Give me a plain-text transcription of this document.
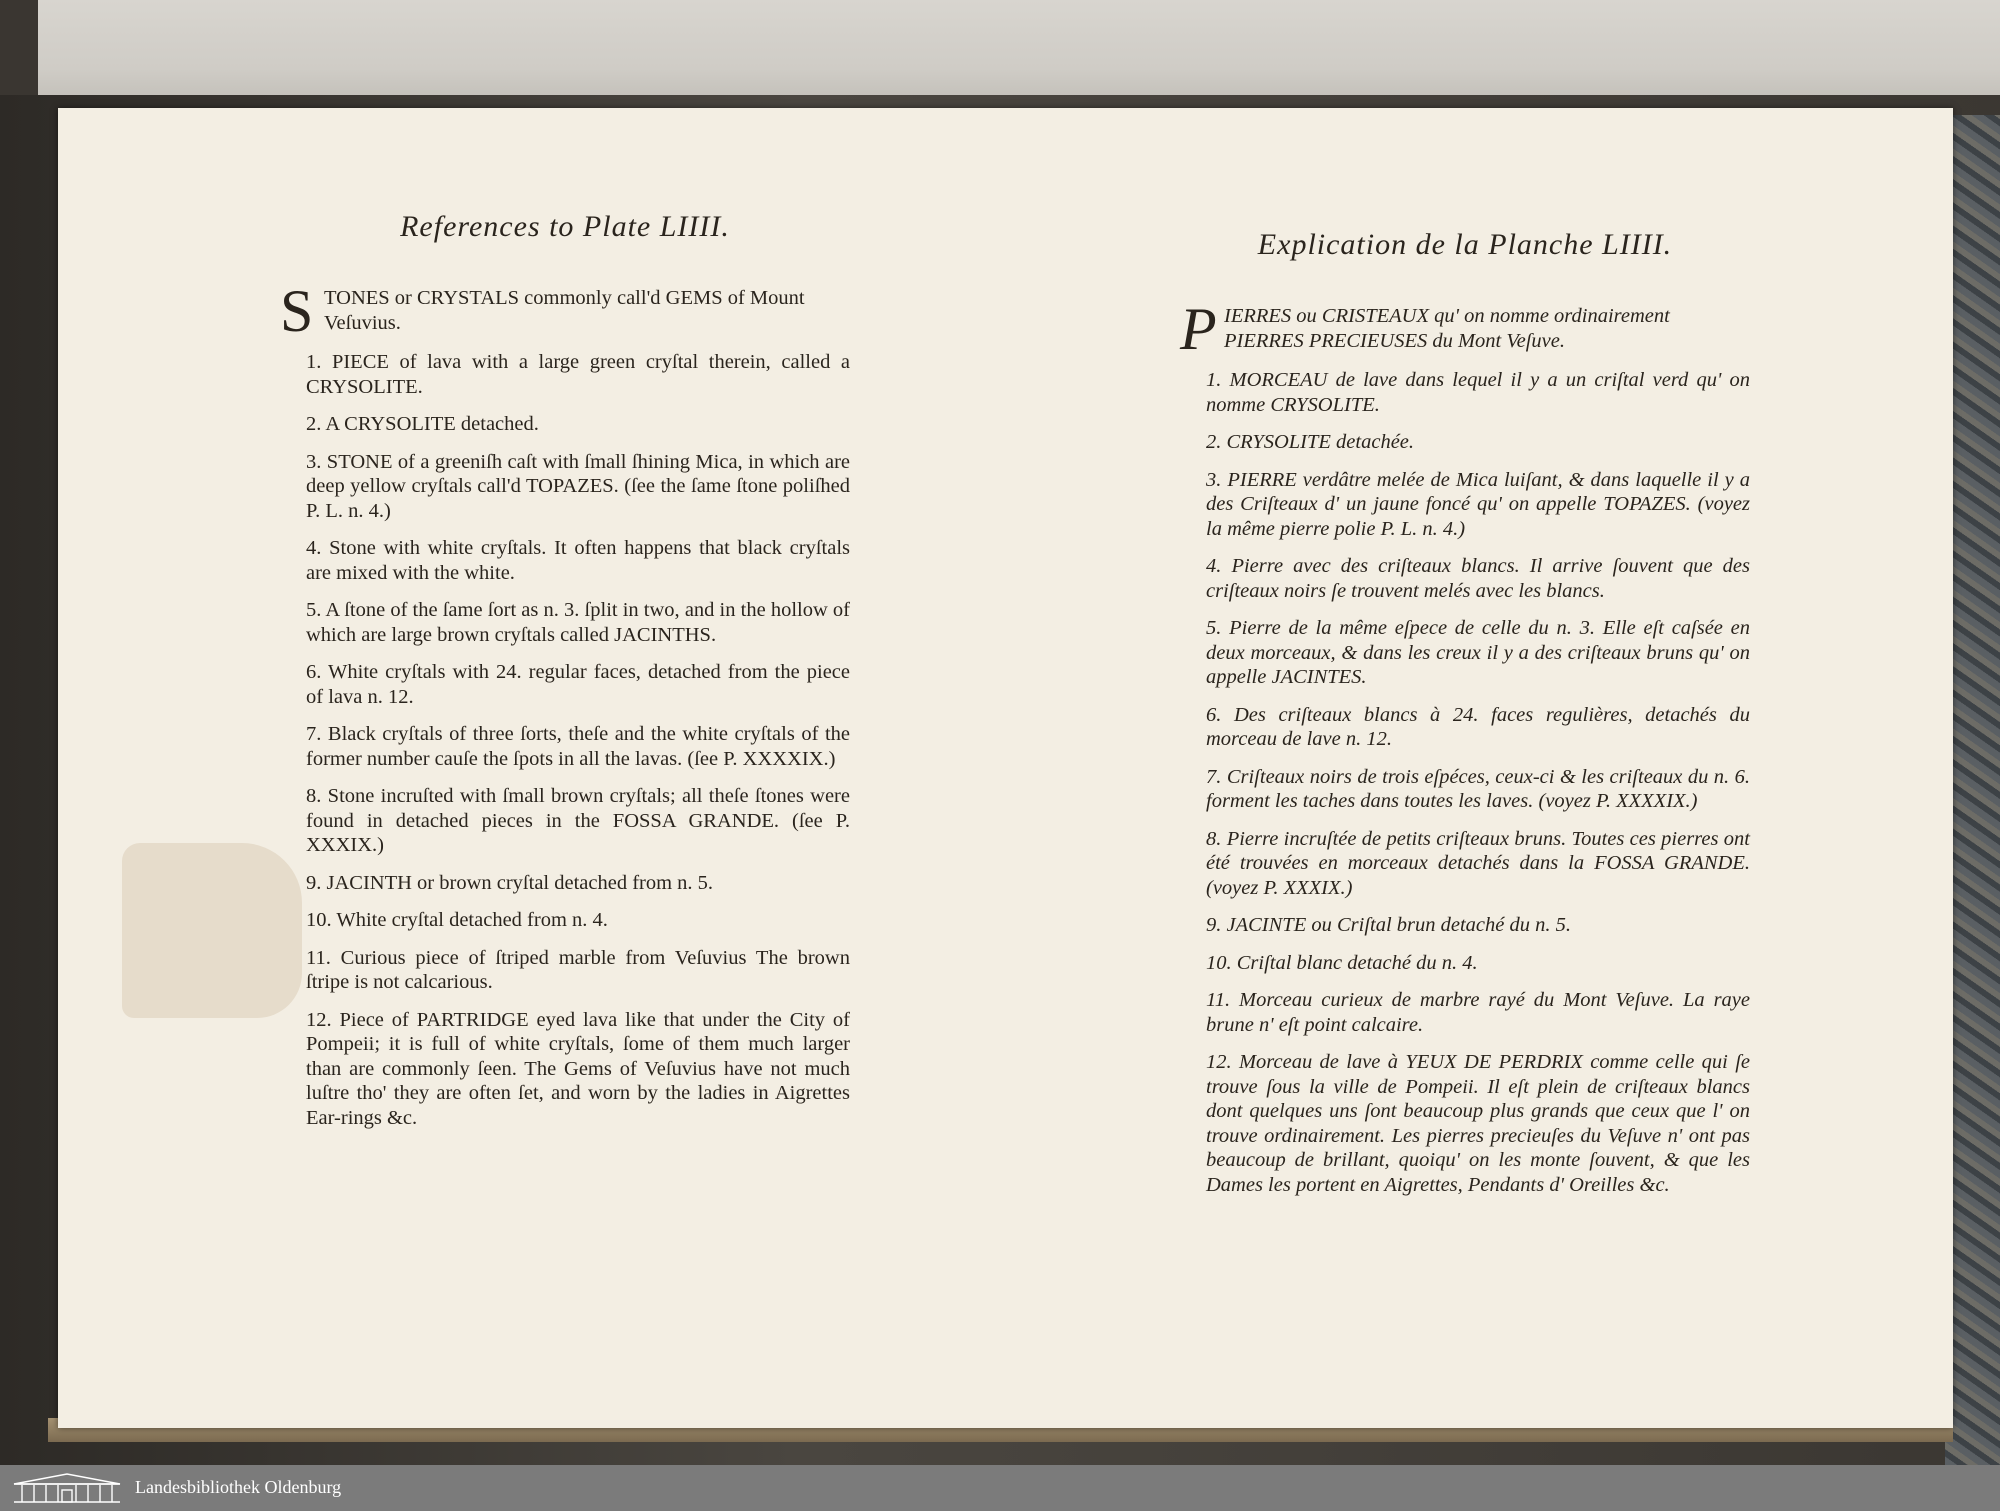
References to Plate LIIII.

S TONES or CRYSTALS commonly call'd GEMS of Mount Veſuvius.

1. PIECE of lava with a large green cryſtal therein, called a CRYSOLITE.

2. A CRYSOLITE detached.

3. STONE of a greeniſh caſt with ſmall ſhining Mica, in which are deep yellow cryſtals call'd TOPAZES. (ſee the ſame ſtone poliſhed P. L. n. 4.)

4. Stone with white cryſtals. It often happens that black cryſtals are mixed with the white.

5. A ſtone of the ſame ſort as n. 3. ſplit in two, and in the hollow of which are large brown cryſtals called JACINTHS.

6. White cryſtals with 24. regular faces, detached from the piece of lava n. 12.

7. Black cryſtals of three ſorts, theſe and the white cryſtals of the former number cauſe the ſpots in all the lavas. (ſee P. XXXXIX.)

8. Stone incruſted with ſmall brown cryſtals; all theſe ſtones were found in detached pieces in the FOSSA GRANDE. (ſee P. XXXIX.)

9. JACINTH or brown cryſtal detached from n. 5.

10. White cryſtal detached from n. 4.

11. Curious piece of ſtriped marble from Veſuvius The brown ſtripe is not calcarious.

12. Piece of PARTRIDGE eyed lava like that under the City of Pompeii; it is full of white cryſtals, ſome of them much larger than are commonly ſeen. The Gems of Veſuvius have not much luſtre tho' they are often ſet, and worn by the ladies in Aigrettes Ear-rings &c.

Explication de la Planche LIIII.

P IERRES ou CRISTEAUX qu' on nomme ordinairement PIERRES PRECIEUSES du Mont Veſuve.

1. MORCEAU de lave dans lequel il y a un criſtal verd qu' on nomme CRYSOLITE.

2. CRYSOLITE detachée.

3. PIERRE verdâtre melée de Mica luiſant, & dans laquelle il y a des Criſteaux d' un jaune foncé qu' on appelle TOPAZES. (voyez la même pierre polie P. L. n. 4.)

4. Pierre avec des criſteaux blancs. Il arrive ſouvent que des criſteaux noirs ſe trouvent melés avec les blancs.

5. Pierre de la même eſpece de celle du n. 3. Elle eſt caſsée en deux morceaux, & dans les creux il y a des criſteaux bruns qu' on appelle JACINTES.

6. Des criſteaux blancs à 24. faces regulières, detachés du morceau de lave n. 12.

7. Criſteaux noirs de trois eſpéces, ceux-ci & les criſteaux du n. 6. forment les taches dans toutes les laves. (voyez P. XXXXIX.)

8. Pierre incruſtée de petits criſteaux bruns. Toutes ces pierres ont été trouvées en morceaux detachés dans la FOSSA GRANDE. (voyez P. XXXIX.)

9. JACINTE ou Criſtal brun detaché du n. 5.

10. Criſtal blanc detaché du n. 4.

11. Morceau curieux de marbre rayé du Mont Veſuve. La raye brune n' eſt point calcaire.

12. Morceau de lave à YEUX DE PERDRIX comme celle qui ſe trouve ſous la ville de Pompeii. Il eſt plein de criſteaux blancs dont quelques uns ſont beaucoup plus grands que ceux que l' on trouve ordinairement. Les pierres precieuſes du Veſuve n' ont pas beaucoup de brillant, quoiqu' on les monte ſouvent, & que les Dames les portent en Aigrettes, Pendants d' Oreilles &c.

Landesbibliothek Oldenburg
